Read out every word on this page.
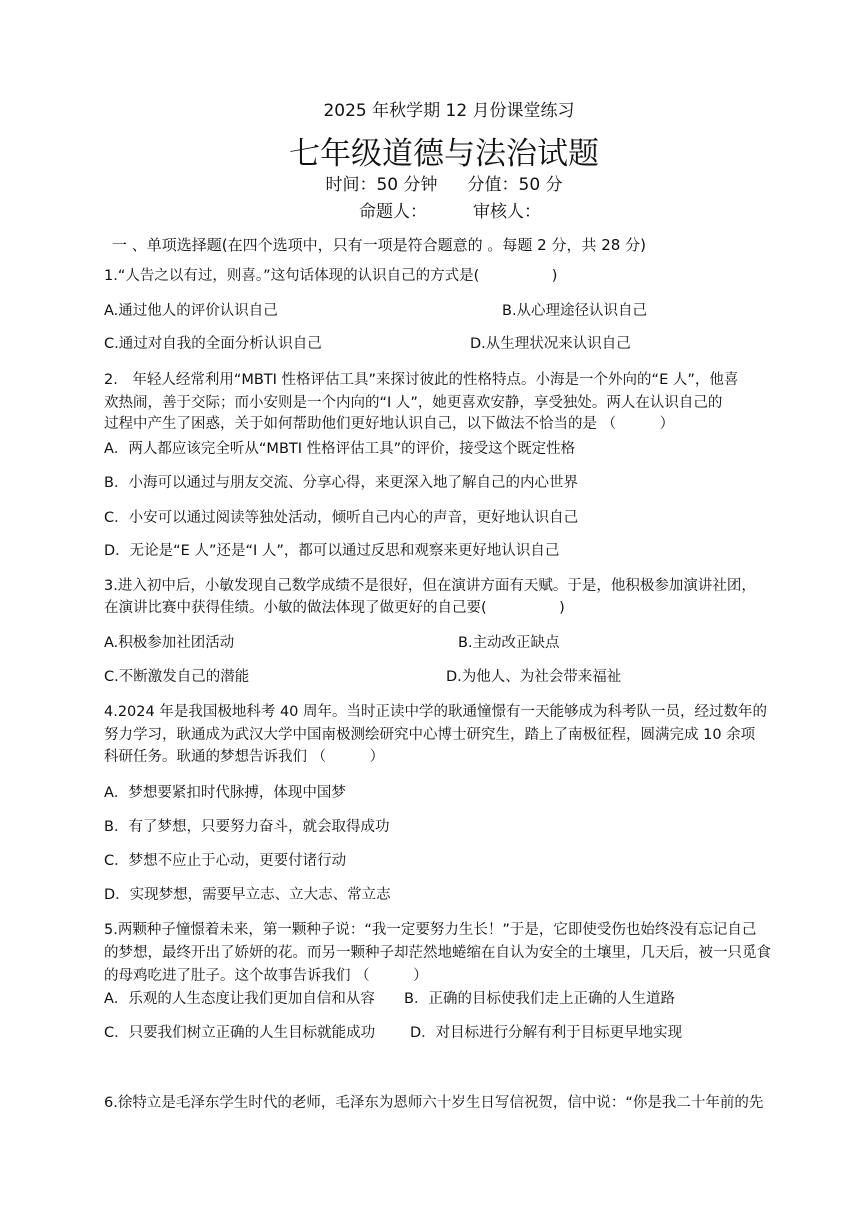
2025 年秋学期 12 月份课堂练习
七年级道德与法治试题
时间：50 分钟 分值：50 分
命题人：	审核人：
一 、单项选择题(在四个选项中，只有一项是符合题意的 。每题 2 分，共 28 分)
1.“人告之以有过，则喜。”这句话体现的认识自己的方式是(　　　　　)
A.通过他人的评价认识自己	B.从心理途径认识自己
C.通过对自我的全面分析认识自己	D.从生理状况来认识自己
2.　年轻人经常利用“MBTI 性格评估工具”来探讨彼此的性格特点。小海是一个外向的“E 人”，他喜
欢热闹，善于交际；而小安则是一个内向的“I 人”，她更喜欢安静，享受独处。两人在认识自己的
过程中产生了困惑，关于如何帮助他们更好地认识自己，以下做法不恰当的是 （　　　）
A．两人都应该完全听从“MBTI 性格评估工具”的评价，接受这个既定性格
B．小海可以通过与朋友交流、分享心得，来更深入地了解自己的内心世界
C．小安可以通过阅读等独处活动，倾听自己内心的声音，更好地认识自己
D．无论是“E 人”还是“I 人”，都可以通过反思和观察来更好地认识自己
3.进入初中后，小敏发现自己数学成绩不是很好，但在演讲方面有天赋。于是，他积极参加演讲社团，
在演讲比赛中获得佳绩。小敏的做法体现了做更好的自己要(　　　　　)
A.积极参加社团活动	B.主动改正缺点
C.不断激发自己的潜能	D.为他人、为社会带来福祉
4.2024 年是我国极地科考 40 周年。当时正读中学的耿通憧憬有一天能够成为科考队一员，经过数年的
努力学习，耿通成为武汉大学中国南极测绘研究中心博士研究生，踏上了南极征程，圆满完成 10 余项
科研任务。耿通的梦想告诉我们 （　　　）
A．梦想要紧扣时代脉搏，体现中国梦
B．有了梦想，只要努力奋斗，就会取得成功
C．梦想不应止于心动，更要付诸行动
D．实现梦想，需要早立志、立大志、常立志
5.两颗种子憧憬着未来，第一颗种子说：“我一定要努力生长！”于是，它即使受伤也始终没有忘记自己
的梦想，最终开出了娇妍的花。而另一颗种子却茫然地蜷缩在自认为安全的土壤里，几天后，被一只觅食
的母鸡吃进了肚子。这个故事告诉我们 （　　　）
A．乐观的人生态度让我们更加自信和从容 B．正确的目标使我们走上正确的人生道路
C．只要我们树立正确的人生目标就能成功 D．对目标进行分解有利于目标更早地实现
6.徐特立是毛泽东学生时代的老师，毛泽东为恩师六十岁生日写信祝贺，信中说：“你是我二十年前的先
